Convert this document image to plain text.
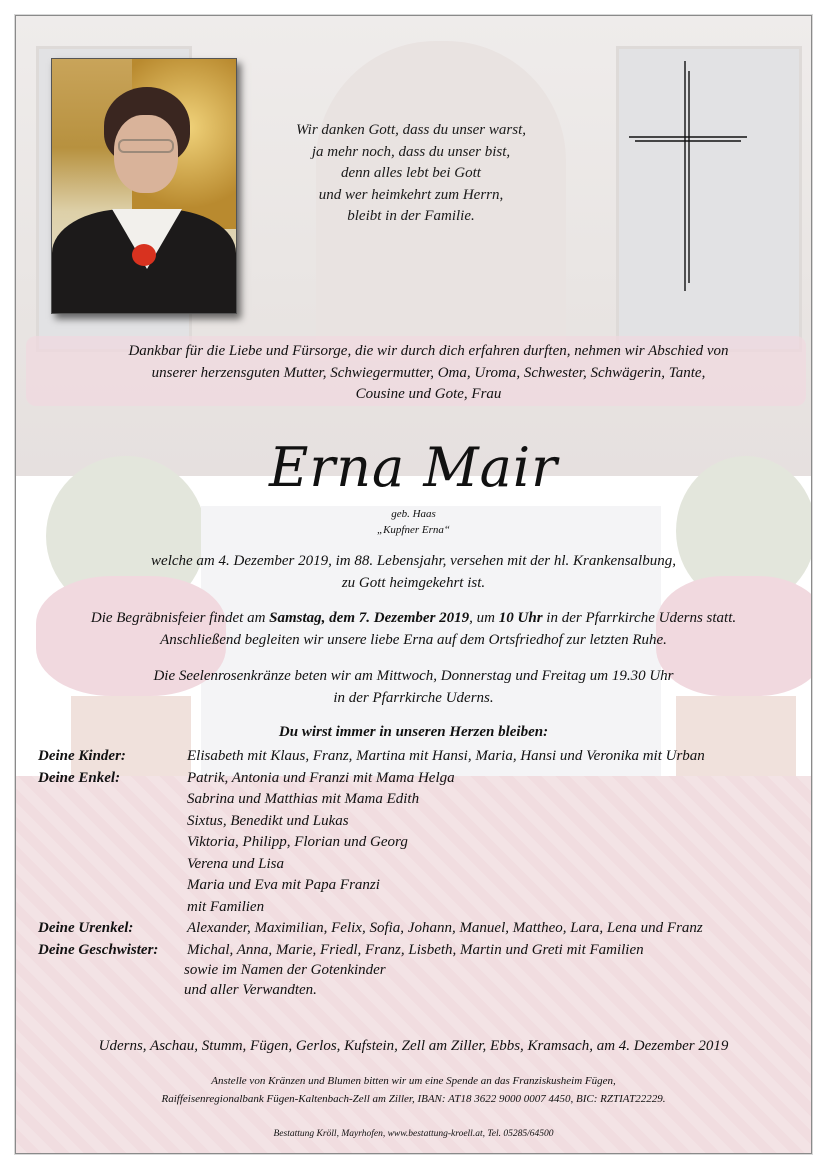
Wir danken Gott, dass du unser warst,
ja mehr noch, dass du unser bist,
denn alles lebt bei Gott
und wer heimkehrt zum Herrn,
bleibt in der Familie.
Dankbar für die Liebe und Fürsorge, die wir durch dich erfahren durften, nehmen wir Abschied von
unserer herzensguten Mutter, Schwiegermutter, Oma, Uroma, Schwester, Schwägerin, Tante,
Cousine und Gote, Frau
Erna Mair
geb. Haas
„Kupfner Erna“
welche am 4. Dezember 2019, im 88. Lebensjahr, versehen mit der hl. Krankensalbung,
zu Gott heimgekehrt ist.
Die Begräbnisfeier findet am Samstag, dem 7. Dezember 2019, um 10 Uhr in der Pfarrkirche Uderns statt.
Anschließend begleiten wir unsere liebe Erna auf dem Ortsfriedhof zur letzten Ruhe.
Die Seelenrosenkränze beten wir am Mittwoch, Donnerstag und Freitag um 19.30 Uhr
in der Pfarrkirche Uderns.
Du wirst immer in unseren Herzen bleiben:
Deine Kinder:	Elisabeth mit Klaus, Franz, Martina mit Hansi, Maria, Hansi und Veronika mit Urban
Deine Enkel:	Patrik, Antonia und Franzi mit Mama Helga
Sabrina und Matthias mit Mama Edith
Sixtus, Benedikt und Lukas
Viktoria, Philipp, Florian und Georg
Verena und Lisa
Maria und Eva mit Papa Franzi
mit Familien
Deine Urenkel:	Alexander, Maximilian, Felix, Sofia, Johann, Manuel, Mattheo, Lara, Lena und Franz
Deine Geschwister: Michal, Anna, Marie, Friedl, Franz, Lisbeth, Martin und Greti mit Familien
sowie im Namen der Gotenkinder
und aller Verwandten.
Uderns, Aschau, Stumm, Fügen, Gerlos, Kufstein, Zell am Ziller, Ebbs, Kramsach, am 4. Dezember 2019
Anstelle von Kränzen und Blumen bitten wir um eine Spende an das Franziskusheim Fügen,
Raiffeisenregionalbank Fügen-Kaltenbach-Zell am Ziller, IBAN: AT18 3622 9000 0007 4450, BIC: RZTIAT22229.
Bestattung Kröll, Mayrhofen, www.bestattung-kroell.at, Tel. 05285/64500
